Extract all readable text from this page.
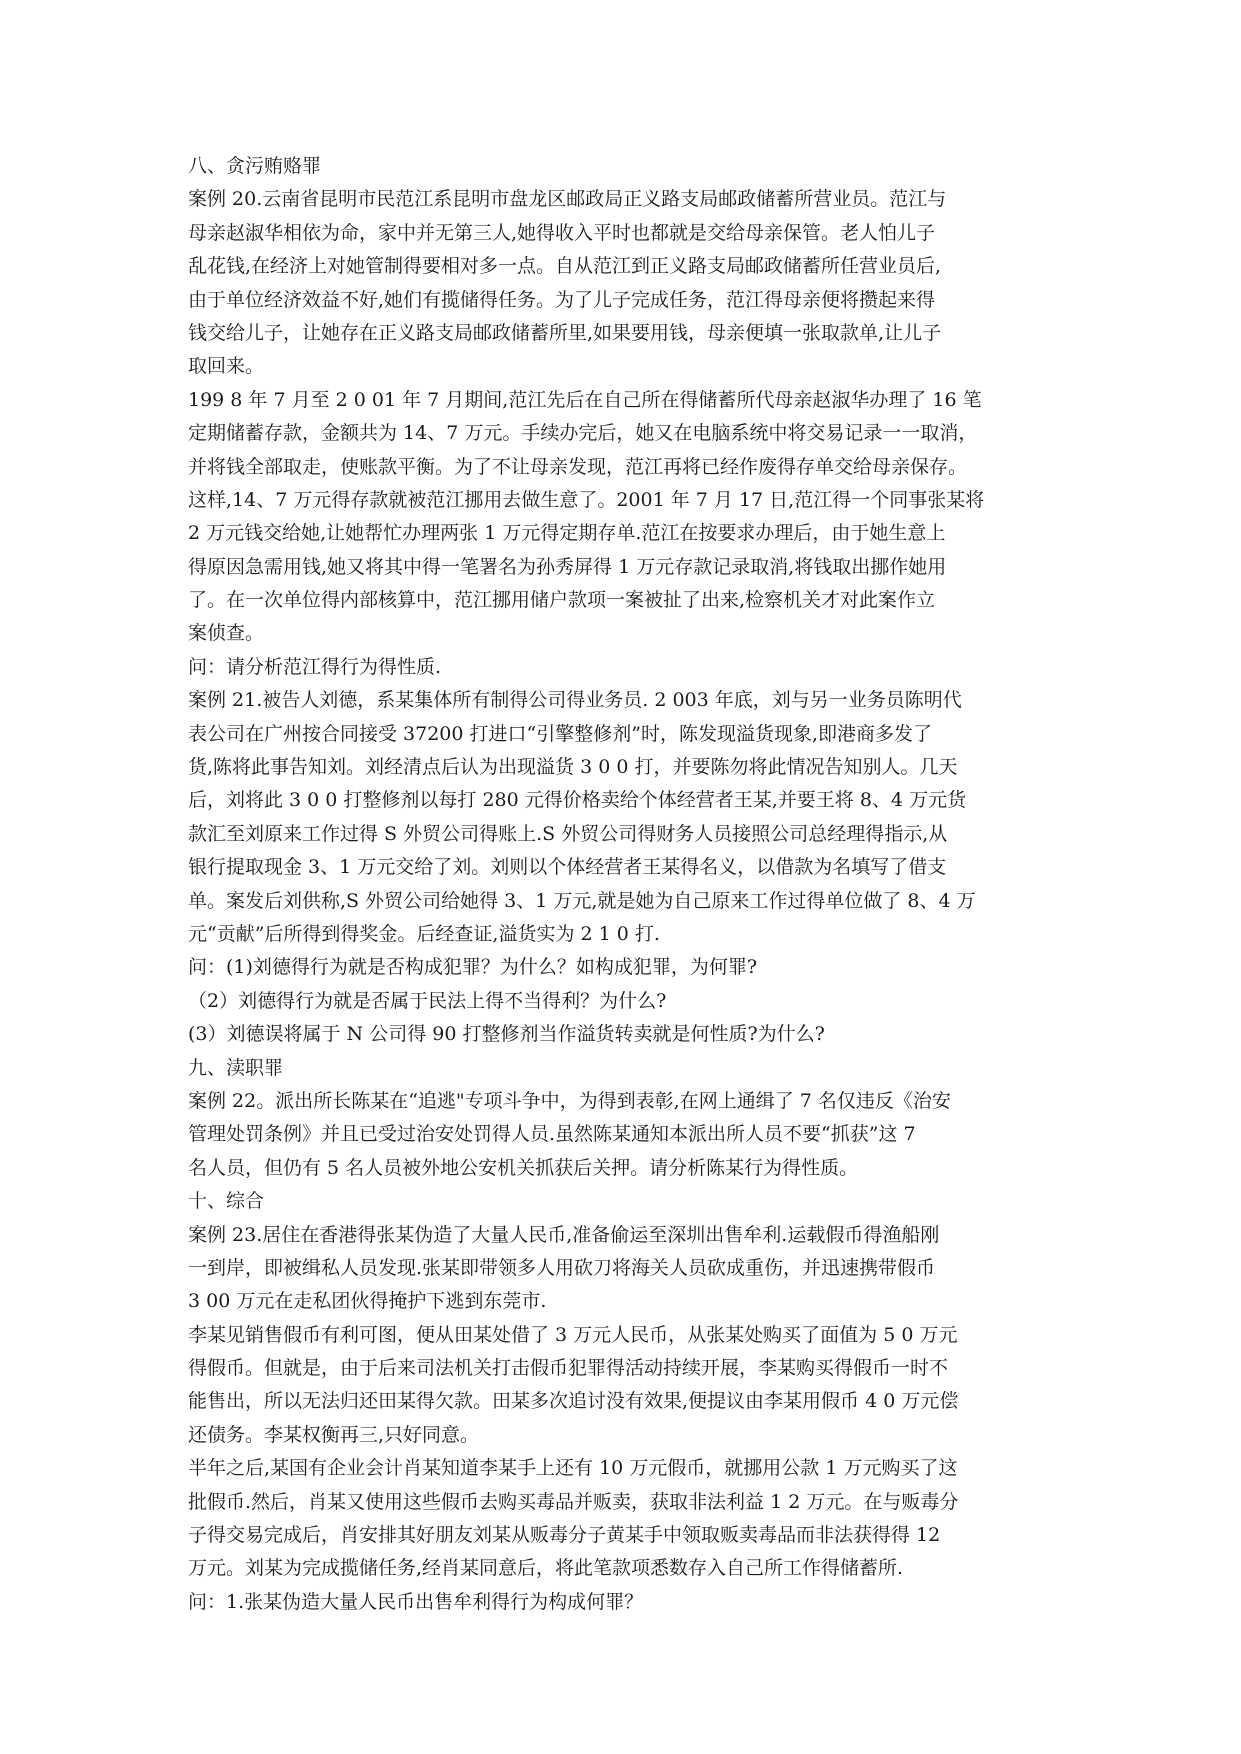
八、贪污贿赂罪
案例 20.云南省昆明市民范江系昆明市盘龙区邮政局正义路支局邮政储蓄所营业员。范江与
母亲赵淑华相依为命，家中并无第三人,她得收入平时也都就是交给母亲保管。老人怕儿子
乱花钱,在经济上对她管制得要相对多一点。自从范江到正义路支局邮政储蓄所任营业员后,
由于单位经济效益不好,她们有揽储得任务。为了儿子完成任务，范江得母亲便将攒起来得
钱交给儿子，让她存在正义路支局邮政储蓄所里,如果要用钱，母亲便填一张取款单,让儿子
取回来。
199 8 年 7 月至 2 0 01 年 7 月期间,范江先后在自己所在得储蓄所代母亲赵淑华办理了 16 笔
定期储蓄存款，金额共为 14、7 万元。手续办完后，她又在电脑系统中将交易记录一一取消，
并将钱全部取走，使账款平衡。为了不让母亲发现，范江再将已经作废得存单交给母亲保存。
这样,14、7 万元得存款就被范江挪用去做生意了。2001 年 7 月 17 日,范江得一个同事张某将
2 万元钱交给她,让她帮忙办理两张 1 万元得定期存单.范江在按要求办理后，由于她生意上
得原因急需用钱,她又将其中得一笔署名为孙秀屏得 1 万元存款记录取消,将钱取出挪作她用
了。在一次单位得内部核算中，范江挪用储户款项一案被扯了出来,检察机关才对此案作立
案侦查。
问：请分析范江得行为得性质.
案例 21.被告人刘德，系某集体所有制得公司得业务员. 2 003 年底，刘与另一业务员陈明代
表公司在广州按合同接受 37200 打进口“引擎整修剂”时，陈发现溢货现象,即港商多发了
货,陈将此事告知刘。刘经清点后认为出现溢货 3 0 0 打，并要陈勿将此情况告知别人。几天
后，刘将此 3 0 0 打整修剂以每打 280 元得价格卖给个体经营者王某,并要王将 8、4 万元货
款汇至刘原来工作过得 S 外贸公司得账上.S 外贸公司得财务人员接照公司总经理得指示,从
银行提取现金 3、1 万元交给了刘。刘则以个体经营者王某得名义，以借款为名填写了借支
单。案发后刘供称,S 外贸公司给她得 3、1 万元,就是她为自己原来工作过得单位做了 8、4 万
元“贡献”后所得到得奖金。后经查证,溢货实为 2 1 0 打.
问：(1)刘德得行为就是否构成犯罪？为什么？如构成犯罪，为何罪?
（2）刘德得行为就是否属于民法上得不当得利？为什么?
(3）刘德误将属于 N 公司得 90 打整修剂当作溢货转卖就是何性质?为什么?
九、渎职罪
案例 22。派出所长陈某在“追逃"专项斗争中，为得到表彰,在网上通缉了 7 名仅违反《治安
管理处罚条例》并且已受过治安处罚得人员.虽然陈某通知本派出所人员不要“抓获”这 7
名人员，但仍有 5 名人员被外地公安机关抓获后关押。请分析陈某行为得性质。
十、综合
案例 23.居住在香港得张某伪造了大量人民币,准备偷运至深圳出售牟利.运载假币得渔船刚
一到岸，即被缉私人员发现.张某即带领多人用砍刀将海关人员砍成重伤，并迅速携带假币
3 00 万元在走私团伙得掩护下逃到东莞市.
李某见销售假币有利可图，便从田某处借了 3 万元人民币，从张某处购买了面值为 5 0 万元
得假币。但就是，由于后来司法机关打击假币犯罪得活动持续开展，李某购买得假币一时不
能售出，所以无法归还田某得欠款。田某多次追讨没有效果,便提议由李某用假币 4 0 万元偿
还债务。李某权衡再三,只好同意。
半年之后,某国有企业会计肖某知道李某手上还有 10 万元假币，就挪用公款 1 万元购买了这
批假币.然后，肖某又使用这些假币去购买毒品并贩卖，获取非法利益 1 2 万元。在与贩毒分
子得交易完成后，肖安排其好朋友刘某从贩毒分子黄某手中领取贩卖毒品而非法获得得 12
万元。刘某为完成揽储任务,经肖某同意后，将此笔款项悉数存入自己所工作得储蓄所.
问：1.张某伪造大量人民币出售牟利得行为构成何罪？
